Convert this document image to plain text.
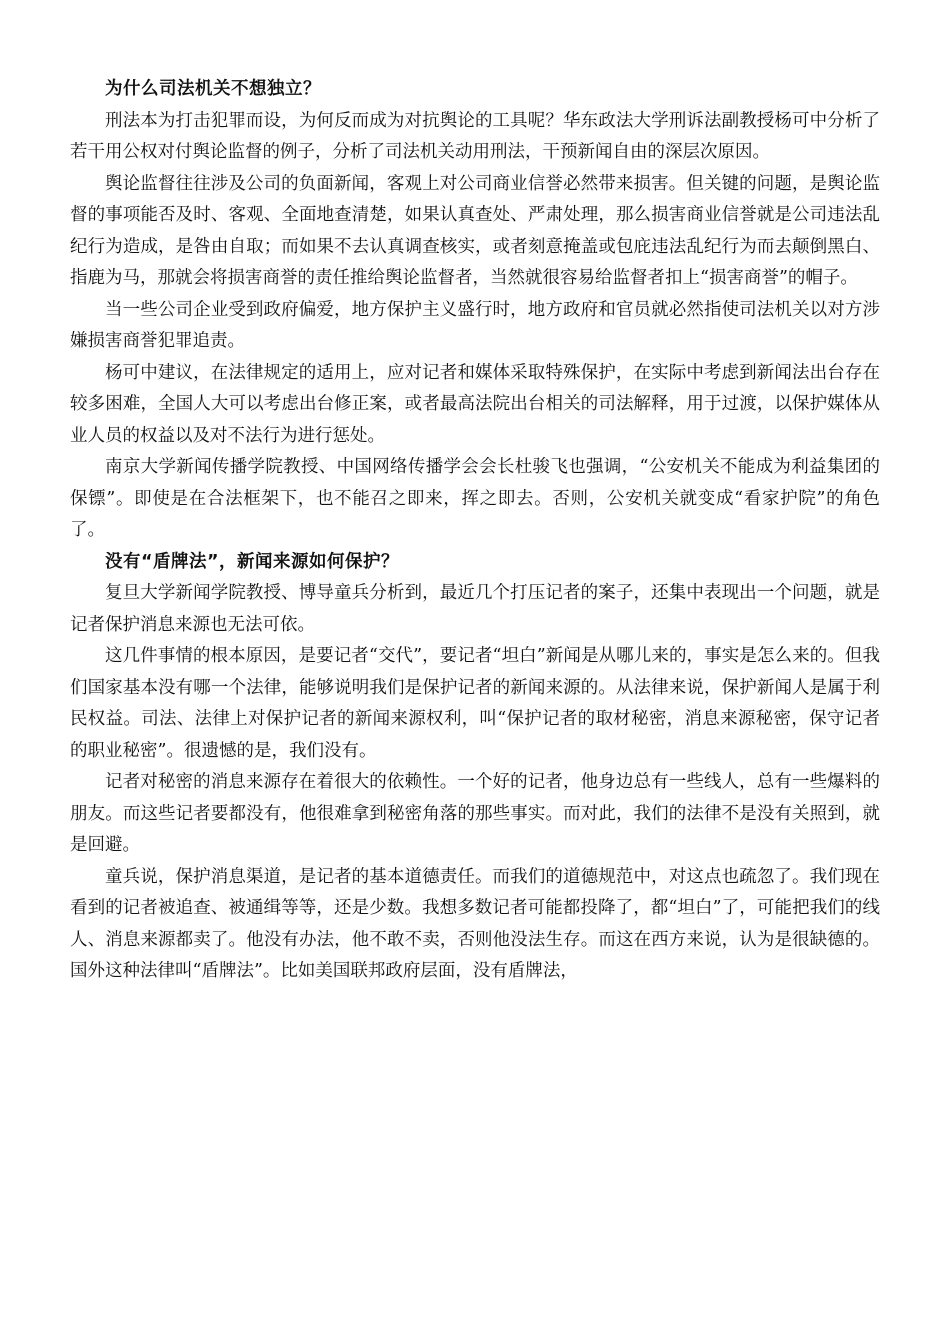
为什么司法机关不想独立？

刑法本为打击犯罪而设，为何反而成为对抗舆论的工具呢？华东政法大学刑诉法副教授杨可中分析了若干用公权对付舆论监督的例子，分析了司法机关动用刑法，干预新闻自由的深层次原因。

舆论监督往往涉及公司的负面新闻，客观上对公司商业信誉必然带来损害。但关键的问题，是舆论监督的事项能否及时、客观、全面地查清楚，如果认真查处、严肃处理，那么损害商业信誉就是公司违法乱纪行为造成，是咎由自取；而如果不去认真调查核实，或者刻意掩盖或包庇违法乱纪行为而去颠倒黑白、指鹿为马，那就会将损害商誉的责任推给舆论监督者，当然就很容易给监督者扣上“损害商誉”的帽子。

当一些公司企业受到政府偏爱，地方保护主义盛行时，地方政府和官员就必然指使司法机关以对方涉嫌损害商誉犯罪追责。

杨可中建议，在法律规定的适用上，应对记者和媒体采取特殊保护，在实际中考虑到新闻法出台存在较多困难，全国人大可以考虑出台修正案，或者最高法院出台相关的司法解释，用于过渡，以保护媒体从业人员的权益以及对不法行为进行惩处。

南京大学新闻传播学院教授、中国网络传播学会会长杜骏飞也强调，“公安机关不能成为利益集团的保镖”。即使是在合法框架下，也不能召之即来，挥之即去。否则，公安机关就变成“看家护院”的角色了。

没有“盾牌法”，新闻来源如何保护？

复旦大学新闻学院教授、博导童兵分析到，最近几个打压记者的案子，还集中表现出一个问题，就是记者保护消息来源也无法可依。

这几件事情的根本原因，是要记者“交代”，要记者“坦白”新闻是从哪儿来的，事实是怎么来的。但我们国家基本没有哪一个法律，能够说明我们是保护记者的新闻来源的。从法律来说，保护新闻人是属于利民权益。司法、法律上对保护记者的新闻来源权利，叫“保护记者的取材秘密，消息来源秘密，保守记者的职业秘密”。很遗憾的是，我们没有。

记者对秘密的消息来源存在着很大的依赖性。一个好的记者，他身边总有一些线人，总有一些爆料的朋友。而这些记者要都没有，他很难拿到秘密角落的那些事实。而对此，我们的法律不是没有关照到，就是回避。

童兵说，保护消息渠道，是记者的基本道德责任。而我们的道德规范中，对这点也疏忽了。我们现在看到的记者被追查、被通缉等等，还是少数。我想多数记者可能都投降了，都“坦白”了，可能把我们的线人、消息来源都卖了。他没有办法，他不敢不卖，否则他没法生存。而这在西方来说，认为是很缺德的。国外这种法律叫“盾牌法”。比如美国联邦政府层面，没有盾牌法，
